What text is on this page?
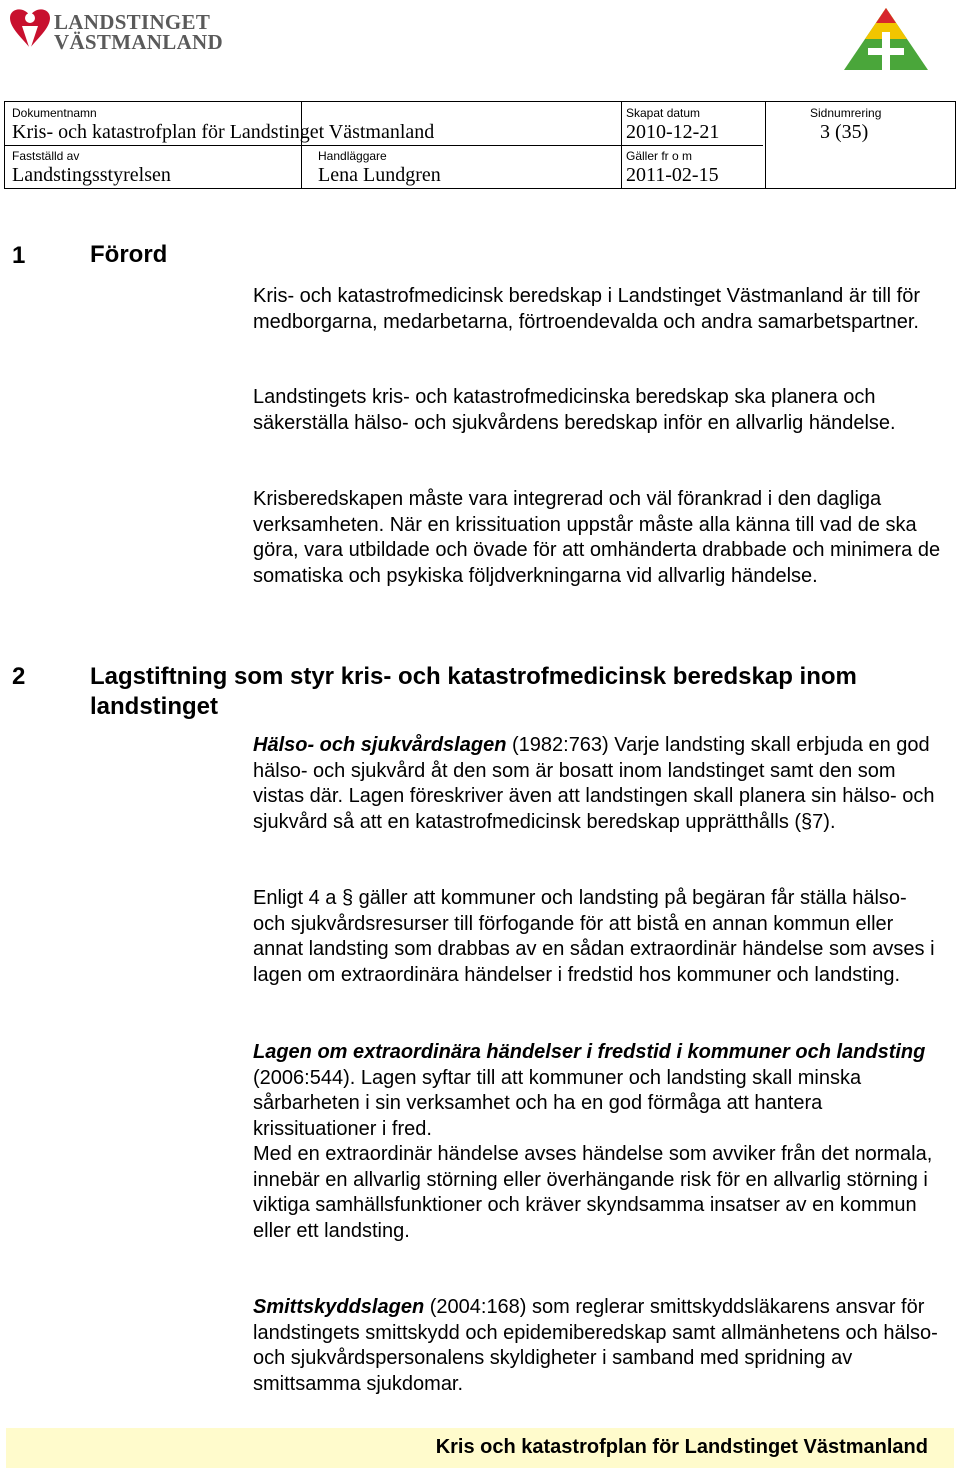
LANDSTINGET
VÄSTMANLAND
Dokumentnamn
Kris- och katastrofplan för Landstinget Västmanland
Skapat datum
2010-12-21
Sidnumrering
3 (35)
Fastställd av
Landstingsstyrelsen
Handläggare
Lena Lundgren
Gäller fr o m
2011-02-15
1	Förord

Kris- och katastrofmedicinsk beredskap i Landstinget Västmanland är till för medborgarna, medarbetarna, förtroendevalda och andra samarbetspartner.

Landstingets kris- och katastrofmedicinska beredskap ska planera och säkerställa hälso- och sjukvårdens beredskap inför en allvarlig händelse.

Krisberedskapen måste vara integrerad och väl förankrad i den dagliga verksamheten. När en krissituation uppstår måste alla känna till vad de ska göra, vara utbildade och övade för att omhänderta drabbade och minimera de somatiska och psykiska följdverkningarna vid allvarlig händelse.

2	Lagstiftning som styr kris- och katastrofmedicinsk beredskap inom landstinget

Hälso- och sjukvårdslagen (1982:763) Varje landsting skall erbjuda en god hälso- och sjukvård åt den som är bosatt inom landstinget samt den som vistas där. Lagen föreskriver även att landstingen skall planera sin hälso- och sjukvård så att en katastrofmedicinsk beredskap upprätthålls (§7).

Enligt 4 a § gäller att kommuner och landsting på begäran får ställa hälso- och sjukvårdsresurser till förfogande för att bistå en annan kommun eller annat landsting som drabbas av en sådan extraordinär händelse som avses i lagen om extraordinära händelser i fredstid hos kommuner och landsting.

Lagen om extraordinära händelser i fredstid i kommuner och landsting
(2006:544). Lagen syftar till att kommuner och landsting skall minska sårbarheten i sin verksamhet och ha en god förmåga att hantera krissituationer i fred.
Med en extraordinär händelse avses händelse som avviker från det normala, innebär en allvarlig störning eller överhängande risk för en allvarlig störning i viktiga samhällsfunktioner och kräver skyndsamma insatser av en kommun eller ett landsting.

Smittskyddslagen (2004:168) som reglerar smittskyddsläkarens ansvar för landstingets smittskydd och epidemiberedskap samt allmänhetens och hälso- och sjukvårdspersonalens skyldigheter i samband med spridning av smittsamma sjukdomar.

Kris och katastrofplan för Landstinget Västmanland
